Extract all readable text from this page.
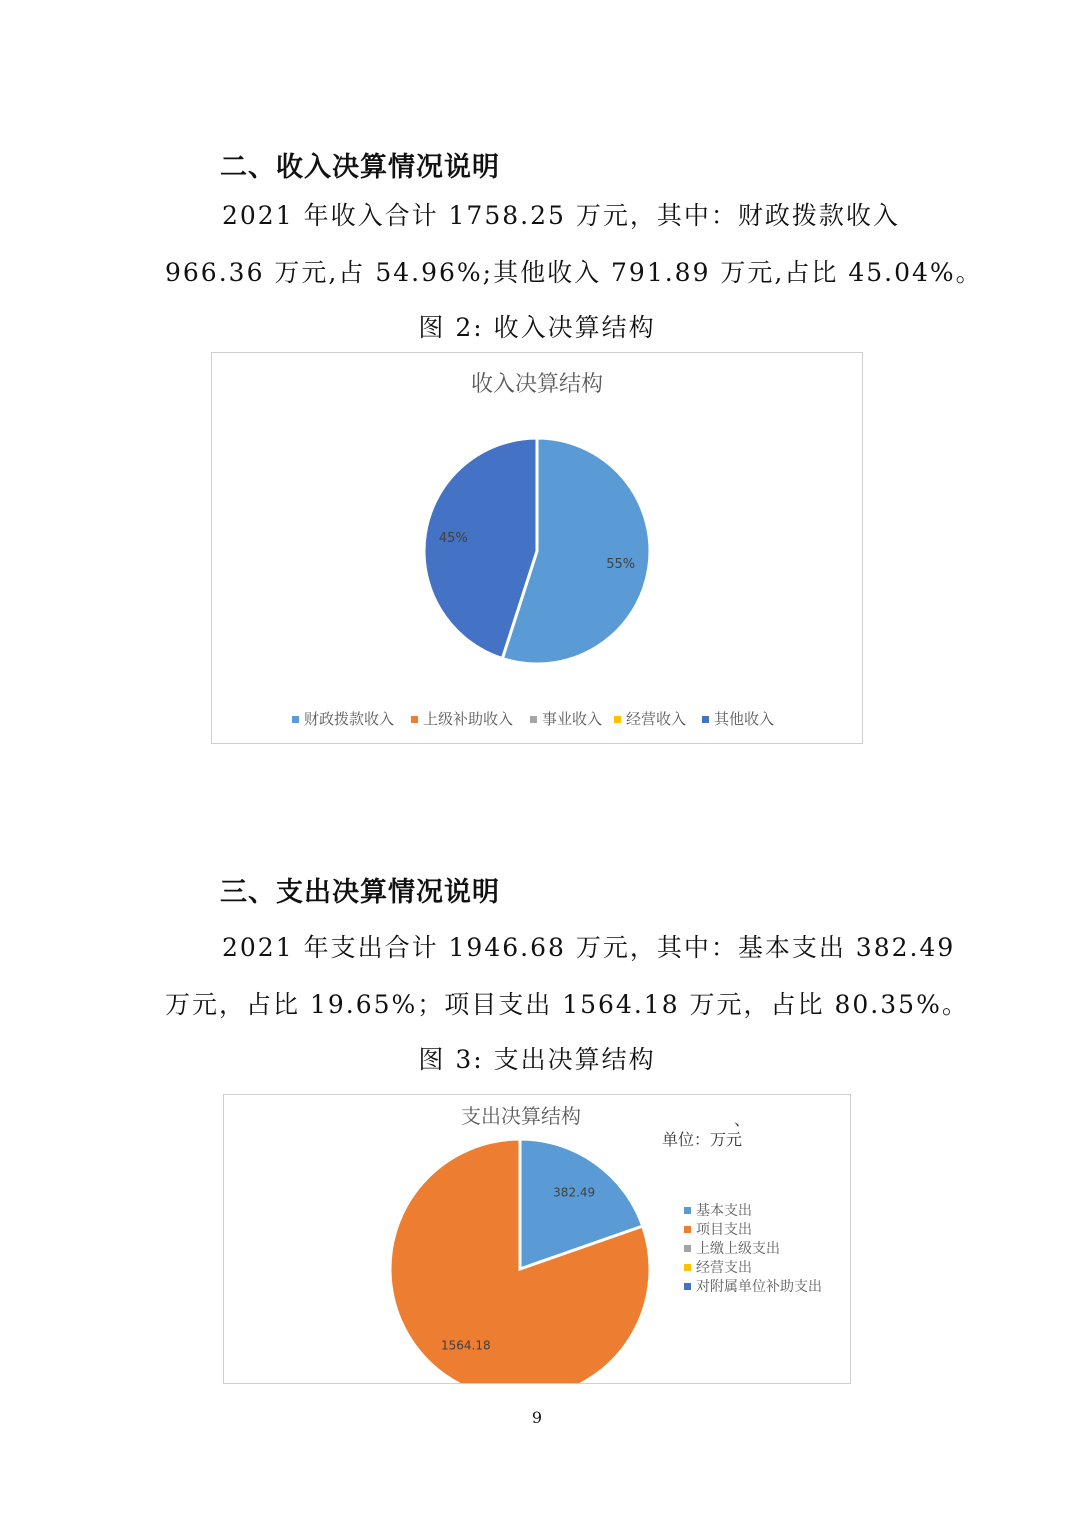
二、收入决算情况说明
2021 年收入合计 1758.25 万元，其中：财政拨款收入
966.36 万元,占 54.96%;其他收入 791.89 万元,占比 45.04%。
图 2: 收入决算结构
收入决算结构
55%
45%
财政拨款收入 上级补助收入 事业收入 经营收入 其他收入
三、支出决算情况说明
2021 年支出合计 1946.68 万元，其中：基本支出 382.49
万元，占比 19.65%；项目支出 1564.18 万元，占比 80.35%。
图 3: 支出决算结构
支出决算结构	、
单位：万元
382.49
1564.18
基本支出
项目支出
上缴上级支出
经营支出
对附属单位补助支出
9
